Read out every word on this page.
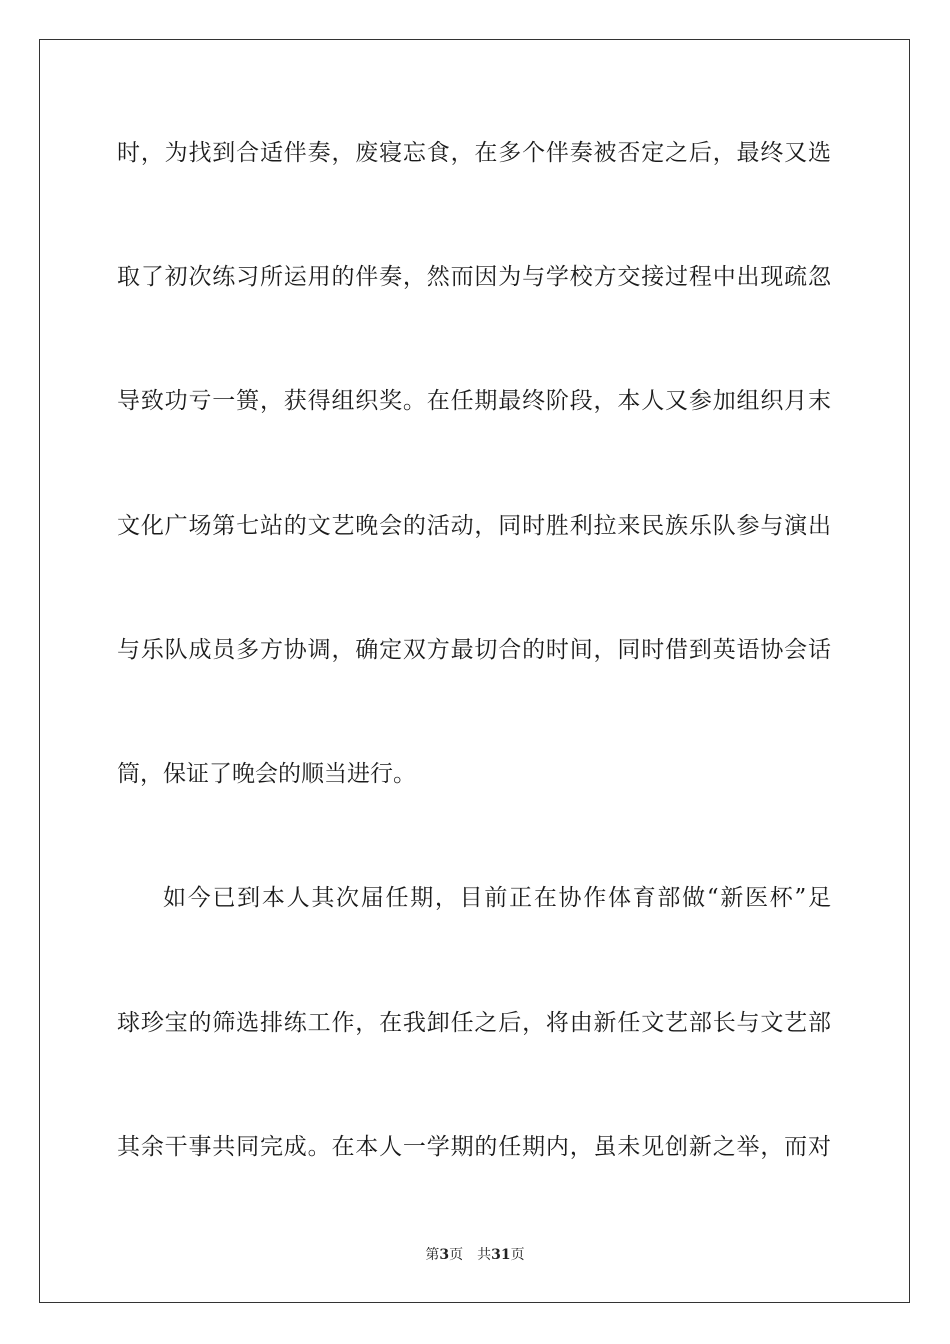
时，为找到合适伴奏，废寝忘食，在多个伴奏被否定之后，最终又选
取了初次练习所运用的伴奏，然而因为与学校方交接过程中出现疏忽
导致功亏一篑，获得组织奖。在任期最终阶段，本人又参加组织月末
文化广场第七站的文艺晚会的活动，同时胜利拉来民族乐队参与演出
与乐队成员多方协调，确定双方最切合的时间，同时借到英语协会话
筒，保证了晚会的顺当进行。
如今已到本人其次届任期，目前正在协作体育部做“新医杯”足
球珍宝的筛选排练工作，在我卸任之后，将由新任文艺部长与文艺部
其余干事共同完成。在本人一学期的任期内，虽未见创新之举，而对
第3页 共31页
